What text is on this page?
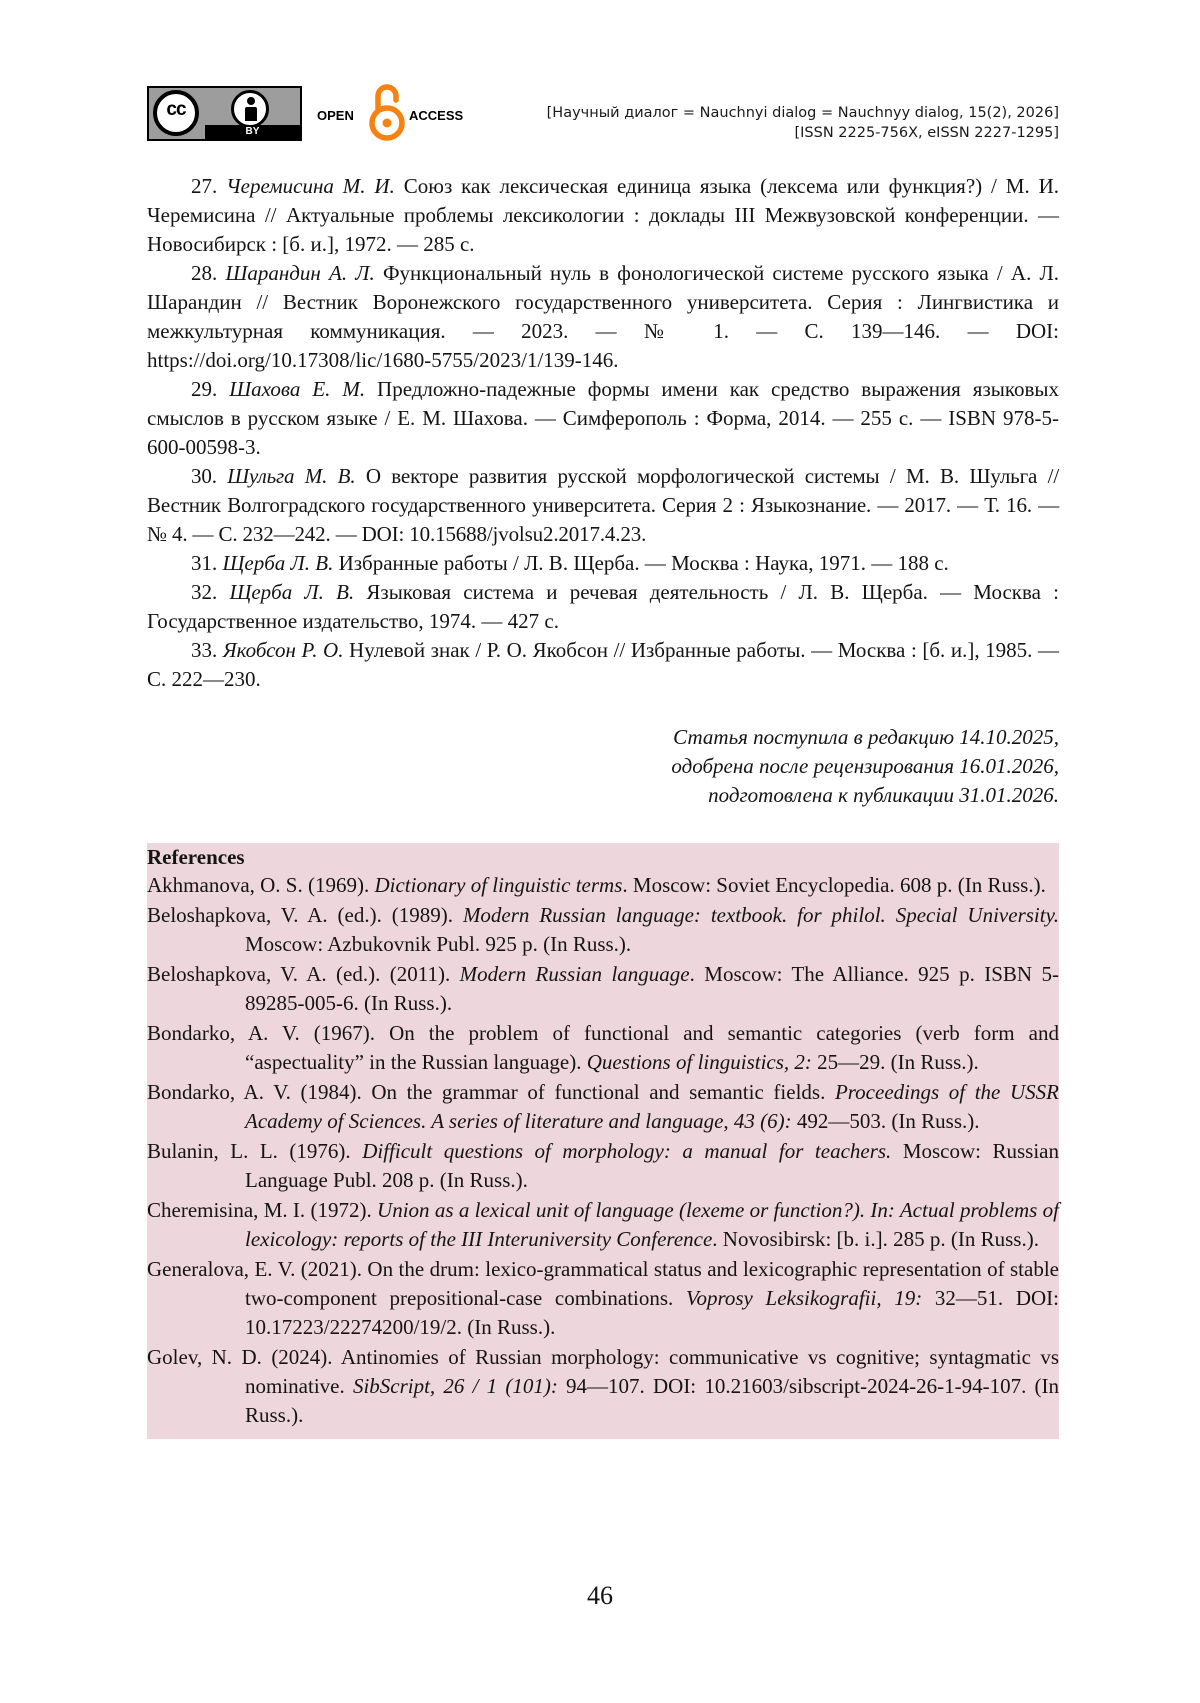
cc
BY
OPEN	ACCESS	[Научный диалог = Nauchnyi dialog = Nauchnyy dialog, 15(2), 2026]
[ISSN 2225-756X, eISSN 2227-1295]

27. Черемисина М. И. Союз как лексическая единица языка (лексема или функция?) / М. И. Черемисина // Актуальные проблемы лексикологии : доклады III Межвузовской конференции. — Новосибирск : [б. и.], 1972. — 285 с.

28. Шарандин А. Л. Функциональный нуль в фонологической системе русского языка / А. Л. Шарандин // Вестник Воронежского государственного университета. Серия : Лингвистика и межкультурная коммуникация. — 2023. — № 1. — С. 139—146. — DOI: https://doi.org/10.17308/lic/1680-5755/2023/1/139-146.

29. Шахова Е. М. Предложно-падежные формы имени как средство выражения языковых смыслов в русском языке / Е. М. Шахова. — Симферополь : Форма, 2014. — 255 с. — ISBN 978-5-600-00598-3.

30. Шульга М. В. О векторе развития русской морфологической системы / М. В. Шульга // Вестник Волгоградского государственного университета. Серия 2 : Языкознание. — 2017. — Т. 16. — № 4. — С. 232—242. — DOI: 10.15688/jvolsu2.2017.4.23.

31. Щерба Л. В. Избранные работы / Л. В. Щерба. — Москва : Наука, 1971. — 188 с.

32. Щерба Л. В. Языковая система и речевая деятельность / Л. В. Щерба. — Москва : Государственное издательство, 1974. — 427 с.

33. Якобсон Р. О. Нулевой знак / Р. О. Якобсон // Избранные работы. — Москва : [б. и.], 1985. — С. 222—230.

Статья поступила в редакцию 14.10.2025,
одобрена после рецензирования 16.01.2026,
подготовлена к публикации 31.01.2026.

References

Akhmanova, O. S. (1969). Dictionary of linguistic terms. Moscow: Soviet Encyclopedia. 608 p. (In Russ.).

Beloshapkova, V. A. (ed.). (1989). Modern Russian language: textbook. for philol. Special University. Moscow: Azbukovnik Publ. 925 p. (In Russ.).

Beloshapkova, V. A. (ed.). (2011). Modern Russian language. Moscow: The Alliance. 925 p. ISBN 5-89285-005-6. (In Russ.).

Bondarko, A. V. (1967). On the problem of functional and semantic categories (verb form and “aspectuality” in the Russian language). Questions of linguistics, 2: 25—29. (In Russ.).

Bondarko, A. V. (1984). On the grammar of functional and semantic fields. Proceedings of the USSR Academy of Sciences. A series of literature and language, 43 (6): 492—503. (In Russ.).

Bulanin, L. L. (1976). Difficult questions of morphology: a manual for teachers. Moscow: Russian Language Publ. 208 p. (In Russ.).

Cheremisina, M. I. (1972). Union as a lexical unit of language (lexeme or function?). In: Actual problems of lexicology: reports of the III Interuniversity Conference. Novosibirsk: [b. i.]. 285 p. (In Russ.).

Generalova, E. V. (2021). On the drum: lexico-grammatical status and lexicographic representation of stable two-component prepositional-case combinations. Voprosy Leksikografii, 19: 32—51. DOI: 10.17223/22274200/19/2. (In Russ.).

Golev, N. D. (2024). Antinomies of Russian morphology: communicative vs cognitive; syntagmatic vs nominative. SibScript, 26 / 1 (101): 94—107. DOI: 10.21603/sibscript-2024-26-1-94-107. (In Russ.).

46
